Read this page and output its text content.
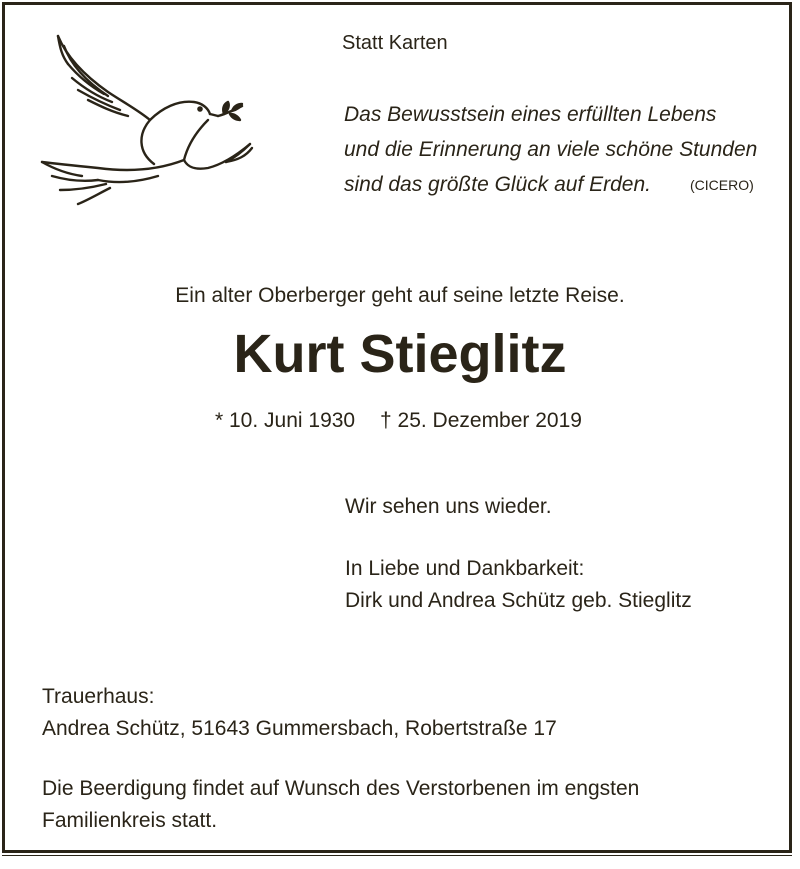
Statt Karten
Das Bewusstsein eines erfüllten Lebens
und die Erinnerung an viele schöne Stunden
sind das größte Glück auf Erden.	(CICERO)
Ein alter Oberberger geht auf seine letzte Reise.
Kurt Stieglitz
* 10. Juni 1930 † 25. Dezember 2019
Wir sehen uns wieder.
In Liebe und Dankbarkeit:
Dirk und Andrea Schütz geb. Stieglitz
Trauerhaus:
Andrea Schütz, 51643 Gummersbach, Robertstraße 17
Die Beerdigung findet auf Wunsch des Verstorbenen im engsten
Familienkreis statt.
